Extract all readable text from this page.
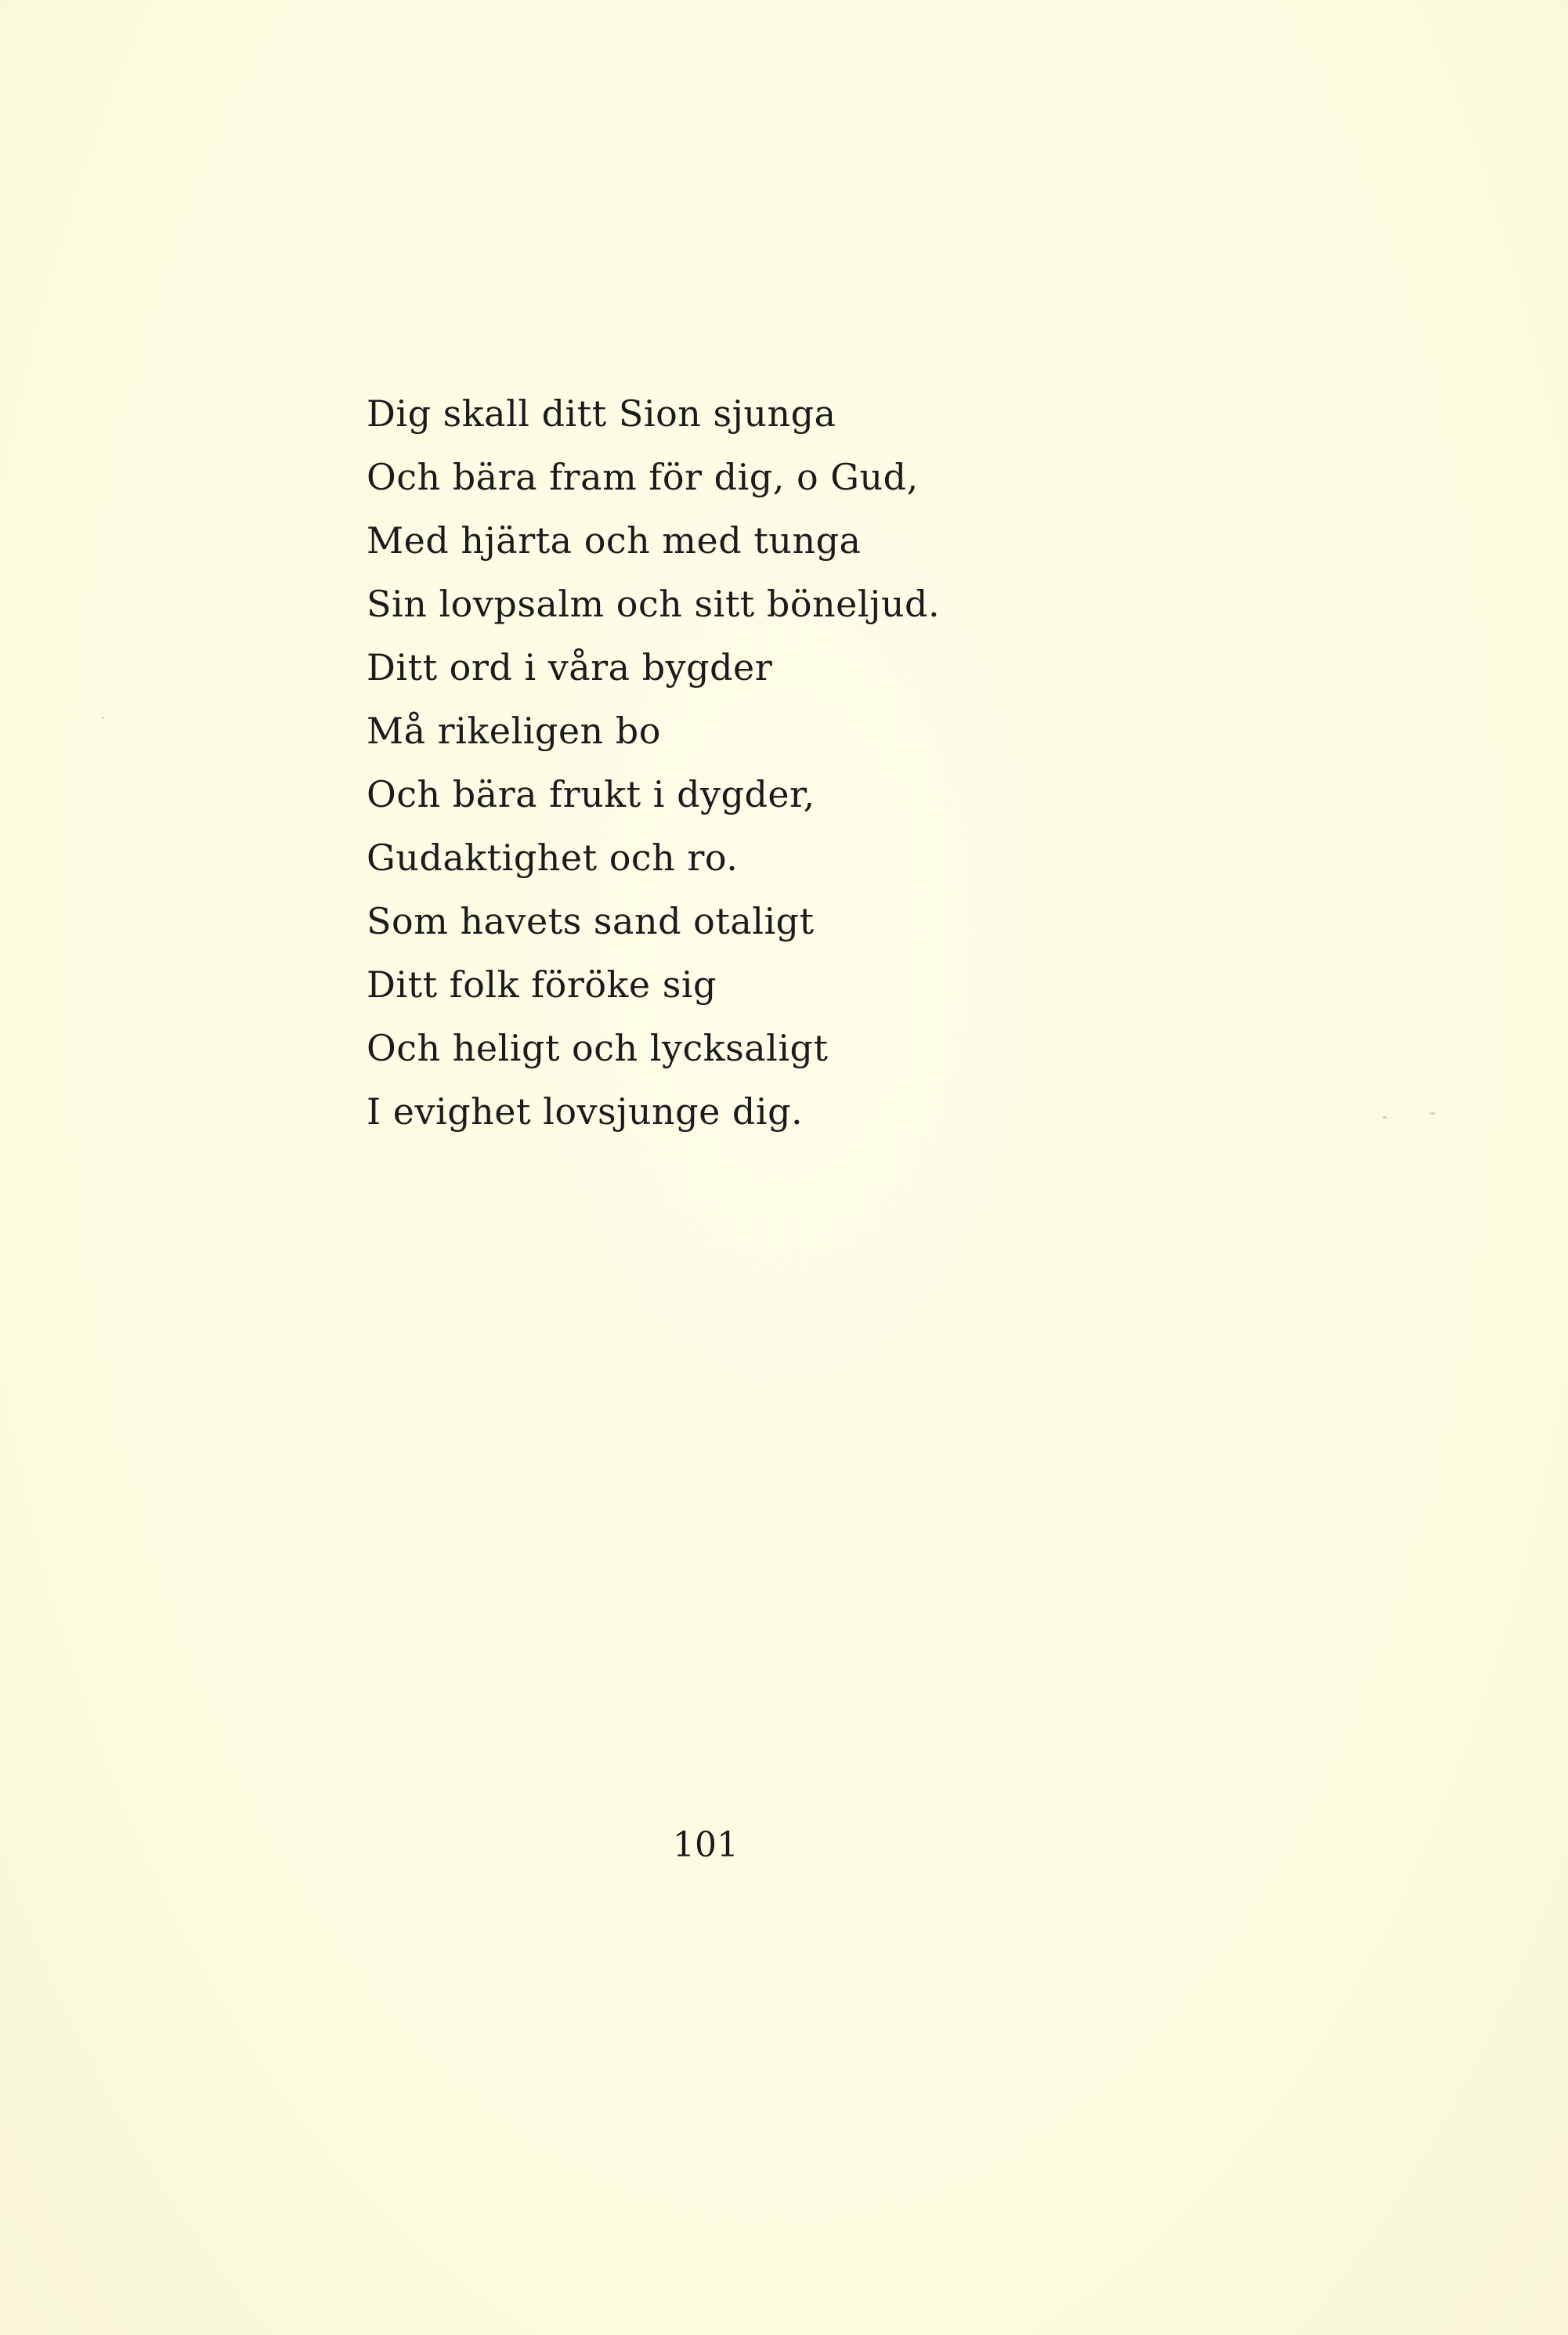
Dig skall ditt Sion sjunga
Och bära fram för dig, o Gud,
Med hjärta och med tunga
Sin lovpsalm och sitt böneljud.
Ditt ord i våra bygder
Må rikeligen bo
Och bära frukt i dygder,
Gudaktighet och ro.
Som havets sand otaligt
Ditt folk föröke sig
Och heligt och lycksaligt
I evighet lovsjunge dig.
101
